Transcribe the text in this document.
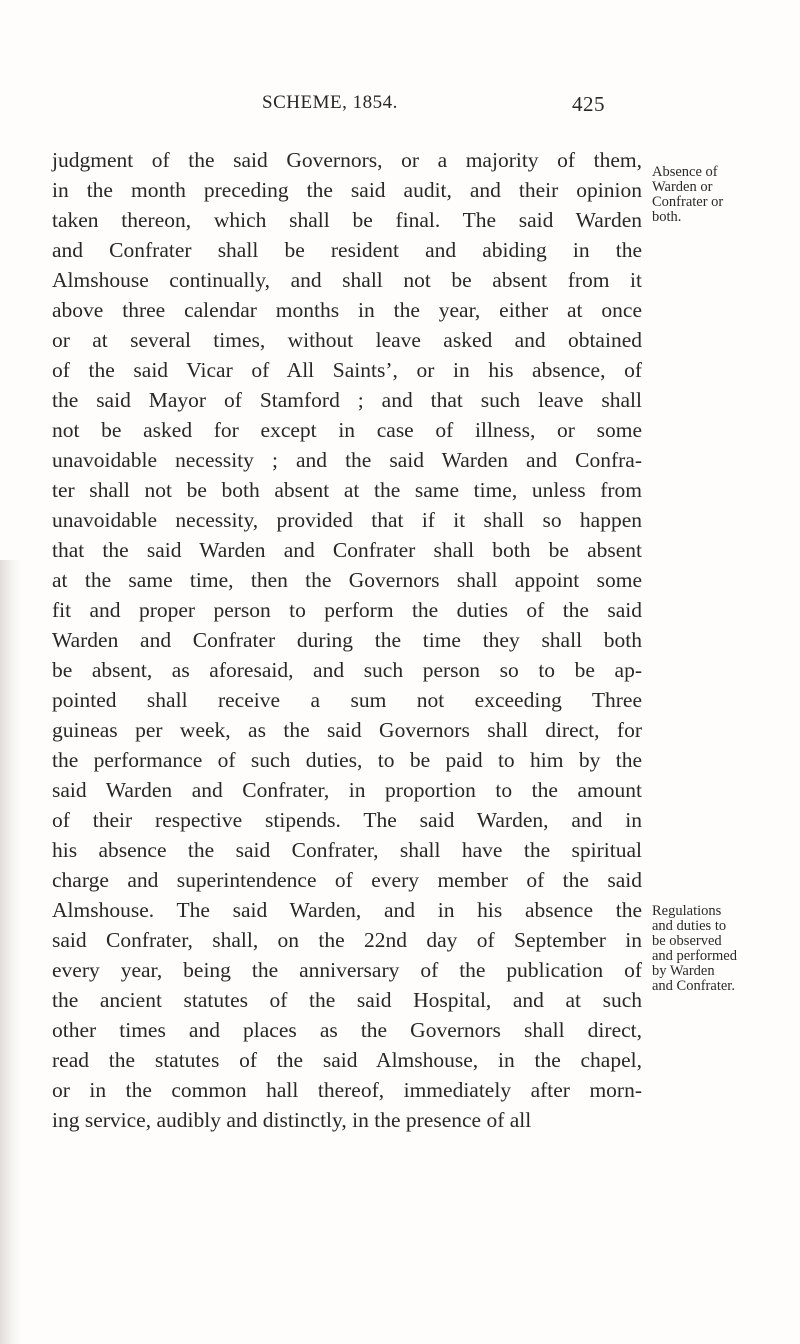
SCHEME, 1854.	425
judgment of the said Governors, or a majority of them,
in the month preceding the said audit, and their opinion
taken thereon, which shall be final. The said Warden
and Confrater shall be resident and abiding in the
Almshouse continually, and shall not be absent from it
above three calendar months in the year, either at once
or at several times, without leave asked and obtained
of the said Vicar of All Saints’, or in his absence, of
the said Mayor of Stamford ; and that such leave shall
not be asked for except in case of illness, or some
unavoidable necessity ; and the said Warden and Confra-
ter shall not be both absent at the same time, unless from
unavoidable necessity, provided that if it shall so happen
that the said Warden and Confrater shall both be absent
at the same time, then the Governors shall appoint some
fit and proper person to perform the duties of the said
Warden and Confrater during the time they shall both
be absent, as aforesaid, and such person so to be ap-
pointed shall receive a sum not exceeding Three
guineas per week, as the said Governors shall direct, for
the performance of such duties, to be paid to him by the
said Warden and Confrater, in proportion to the amount
of their respective stipends. The said Warden, and in
his absence the said Confrater, shall have the spiritual
charge and superintendence of every member of the said
Almshouse. The said Warden, and in his absence the
said Confrater, shall, on the 22nd day of September in
every year, being the anniversary of the publication of
the ancient statutes of the said Hospital, and at such
other times and places as the Governors shall direct,
read the statutes of the said Almshouse, in the chapel,
or in the common hall thereof, immediately after morn-
ing service, audibly and distinctly, in the presence of all
Absence of
Warden or
Confrater or
both.
Regulations
and duties to
be observed
and performed
by Warden
and Confrater.
